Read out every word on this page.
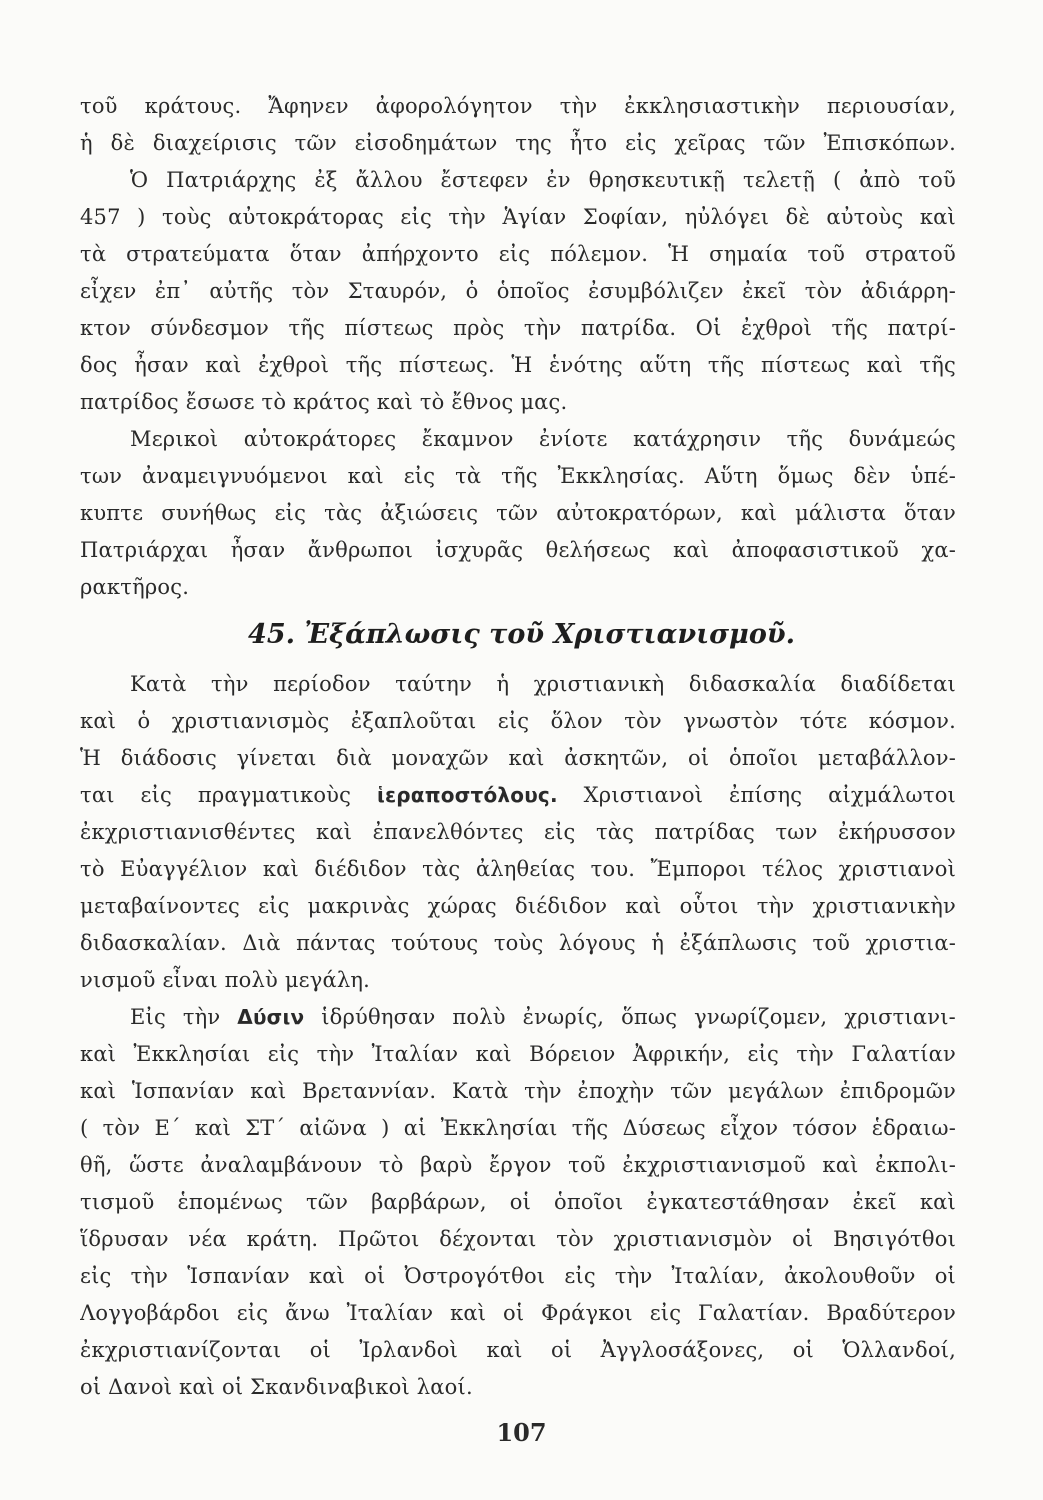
τοῦ κράτους. Ἄφηνεν ἀφορολόγητον τὴν ἐκκλησιαστικὴν περιουσίαν,
ἡ δὲ διαχείρισις τῶν εἰσοδημάτων της ἦτο εἰς χεῖρας τῶν Ἐπισκόπων.
Ὁ Πατριάρχης ἐξ ἄλλου ἔστεφεν ἐν θρησκευτικῇ τελετῇ ( ἀπὸ τοῦ
457 ) τοὺς αὐτοκράτορας εἰς τὴν Ἁγίαν Σοφίαν, ηὐλόγει δὲ αὐτοὺς καὶ
τὰ στρατεύματα ὅταν ἀπήρχοντο εἰς πόλεμον. Ἡ σημαία τοῦ στρατοῦ
εἶχεν ἐπ᾽ αὐτῆς τὸν Σταυρόν, ὁ ὁποῖος ἐσυμβόλιζεν ἐκεῖ τὸν ἀδιάρρη-
κτον σύνδεσμον τῆς πίστεως πρὸς τὴν πατρίδα. Οἱ ἐχθροὶ τῆς πατρί-
δος ἦσαν καὶ ἐχθροὶ τῆς πίστεως. Ἡ ἑνότης αὕτη τῆς πίστεως καὶ τῆς
πατρίδος ἔσωσε τὸ κράτος καὶ τὸ ἔθνος μας.
Μερικοὶ αὐτοκράτορες ἔκαμνον ἐνίοτε κατάχρησιν τῆς δυνάμεώς
των ἀναμειγνυόμενοι καὶ εἰς τὰ τῆς Ἐκκλησίας. Αὕτη ὅμως δὲν ὑπέ-
κυπτε συνήθως εἰς τὰς ἀξιώσεις τῶν αὐτοκρατόρων, καὶ μάλιστα ὅταν
Πατριάρχαι ἦσαν ἄνθρωποι ἰσχυρᾶς θελήσεως καὶ ἀποφασιστικοῦ χα-
ρακτῆρος.
45. Ἐξάπλωσις τοῦ Χριστιανισμοῦ.
Κατὰ τὴν περίοδον ταύτην ἡ χριστιανικὴ διδασκαλία διαδίδεται
καὶ ὁ χριστιανισμὸς ἐξαπλοῦται εἰς ὅλον τὸν γνωστὸν τότε κόσμον.
Ἡ διάδοσις γίνεται διὰ μοναχῶν καὶ ἀσκητῶν, οἱ ὁποῖοι μεταβάλλον-
ται εἰς πραγματικοὺς ἱεραποστόλους. Χριστιανοὶ ἐπίσης αἰχμάλωτοι
ἐκχριστιανισθέντες καὶ ἐπανελθόντες εἰς τὰς πατρίδας των ἐκήρυσσον
τὸ Εὐαγγέλιον καὶ διέδιδον τὰς ἀληθείας του. Ἔμποροι τέλος χριστιανοὶ
μεταβαίνοντες εἰς μακρινὰς χώρας διέδιδον καὶ οὗτοι τὴν χριστιανικὴν
διδασκαλίαν. Διὰ πάντας τούτους τοὺς λόγους ἡ ἐξάπλωσις τοῦ χριστια-
νισμοῦ εἶναι πολὺ μεγάλη.
Εἰς τὴν Δύσιν ἱδρύθησαν πολὺ ἐνωρίς, ὅπως γνωρίζομεν, χριστιανι-
καὶ Ἐκκλησίαι εἰς τὴν Ἰταλίαν καὶ Βόρειον Ἀφρικήν, εἰς τὴν Γαλατίαν
καὶ Ἱσπανίαν καὶ Βρεταννίαν. Κατὰ τὴν ἐποχὴν τῶν μεγάλων ἐπιδρομῶν
( τὸν Ε΄ καὶ ΣΤ΄ αἰῶνα ) αἱ Ἐκκλησίαι τῆς Δύσεως εἶχον τόσον ἑδραιω-
θῆ, ὥστε ἀναλαμβάνουν τὸ βαρὺ ἔργον τοῦ ἐκχριστιανισμοῦ καὶ ἐκπολι-
τισμοῦ ἑπομένως τῶν βαρβάρων, οἱ ὁποῖοι ἐγκατεστάθησαν ἐκεῖ καὶ
ἵδρυσαν νέα κράτη. Πρῶτοι δέχονται τὸν χριστιανισμὸν οἱ Βησιγότθοι
εἰς τὴν Ἱσπανίαν καὶ οἱ Ὀστρογότθοι εἰς τὴν Ἰταλίαν, ἀκολουθοῦν οἱ
Λογγοβάρδοι εἰς ἄνω Ἰταλίαν καὶ οἱ Φράγκοι εἰς Γαλατίαν. Βραδύτερον
ἐκχριστιανίζονται οἱ Ἰρλανδοὶ καὶ οἱ Ἀγγλοσάξονες, οἱ Ὁλλανδοί,
οἱ Δανοὶ καὶ οἱ Σκανδιναβικοὶ λαοί.
107
